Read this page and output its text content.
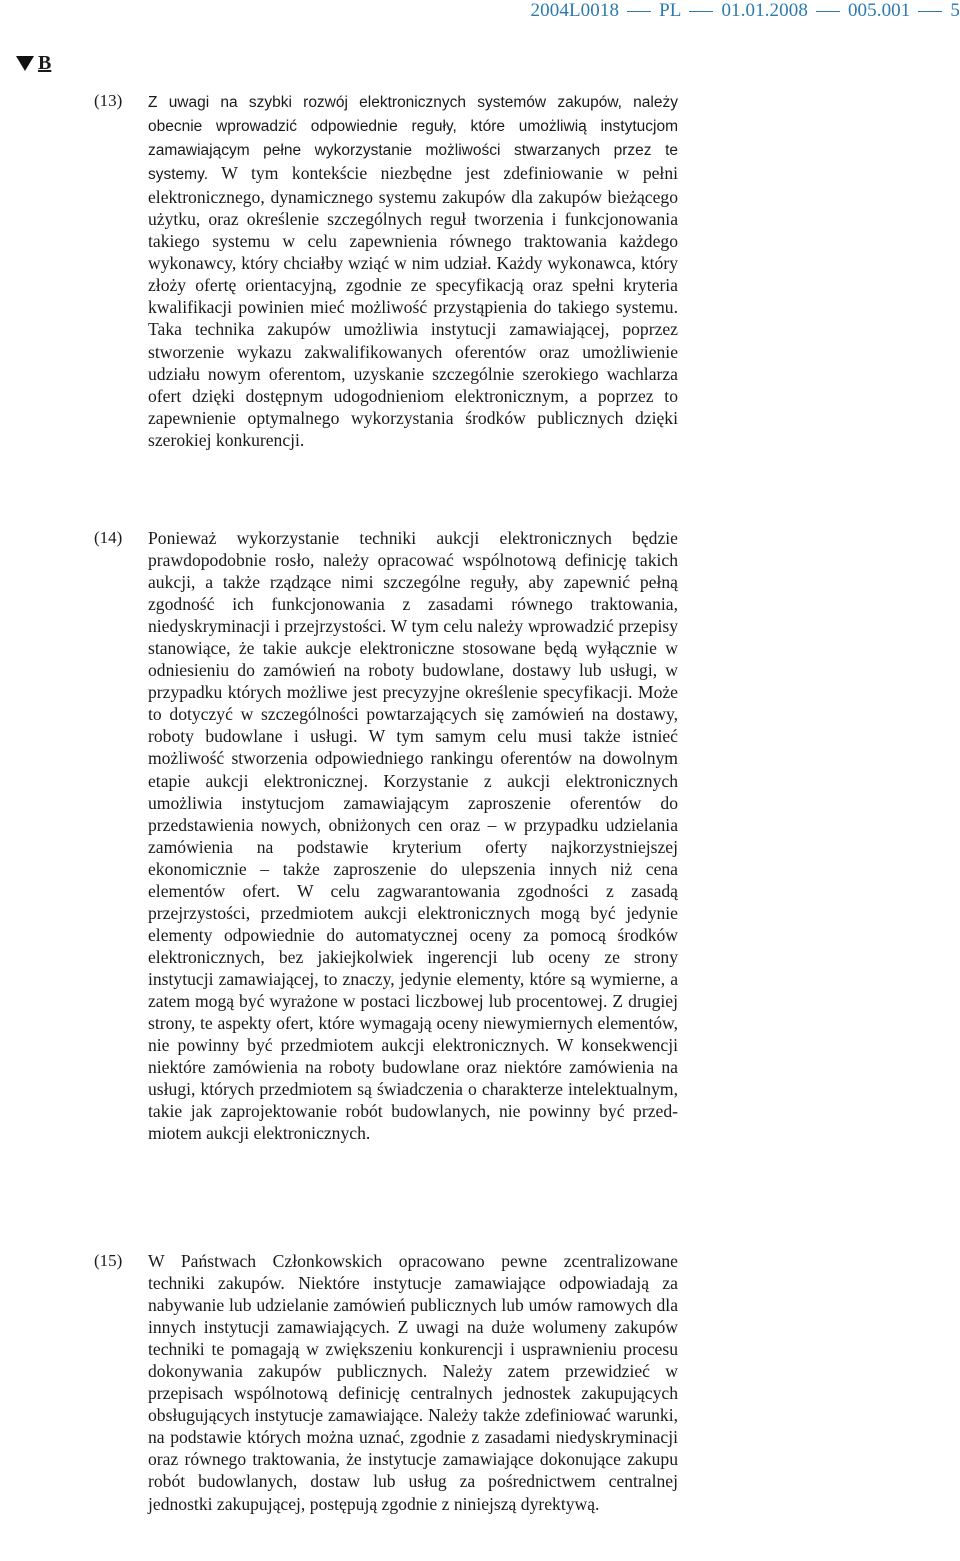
2004L0018 PL 01.01.2008 005.001 5
B
(13) Z uwagi na szybki rozwój elektronicznych systemów zakupów, należy obecnie wprowadzić odpowiednie reguły, które umożliwią instytucjom zamawiającym pełne wykorzystanie możliwości stwarzanych przez te systemy. W tym kontekście niezbędne jest zdefiniowanie w pełni elektronicznego, dynamicznego systemu zakupów dla zakupów bieżącego użytku, oraz określenie szczególnych reguł tworzenia i funkcjonowania takiego systemu w celu zapewnienia równego traktowania każdego wykonawcy, który chciałby wziąć w nim udział. Każdy wykonawca, który złoży ofertę orientacyjną, zgodnie ze specyfikacją oraz spełni kryteria kwalifikacji powinien mieć możliwość przystąpienia do takiego systemu. Taka technika zakupów umożliwia instytucji zamawiającej, poprzez stworzenie wykazu zakwalifikowanych oferentów oraz umożliwienie udziału nowym oferentom, uzyskanie szczególnie szerokiego wachlarza ofert dzięki dostępnym udogodnieniom elektronicznym, a poprzez to zapewnienie optymalnego wykorzystania środków publicznych dzięki szerokiej konkurencji.
(14) Ponieważ wykorzystanie techniki aukcji elektronicznych będzie prawdopodobnie rosło, należy opracować wspólnotową definicję takich aukcji, a także rządzące nimi szczególne reguły, aby zapewnić pełną zgodność ich funkcjonowania z zasadami równego traktowania, niedyskryminacji i przejrzystości. W tym celu należy wprowadzić przepisy stanowiące, że takie aukcje elektroniczne stosowane będą wyłącznie w odniesieniu do zamówień na roboty budowlane, dostawy lub usługi, w przypadku których możliwe jest precyzyjne określenie specyfikacji. Może to dotyczyć w szczególności powtarzających się zamówień na dostawy, roboty budowlane i usługi. W tym samym celu musi także istnieć możliwość stworzenia odpowiedniego rankingu oferentów na dowolnym etapie aukcji elektronicznej. Korzystanie z aukcji elektronicznych umożliwia instytucjom zamawiającym zaproszenie oferentów do przedstawienia nowych, obniżonych cen oraz – w przypadku udzielania zamówienia na podstawie kryterium oferty najkorzystniejszej ekonomicznie – także zaproszenie do ulepszenia innych niż cena elementów ofert. W celu zagwarantowania zgodności z zasadą przejrzystości, przedmiotem aukcji elektronicznych mogą być jedynie elementy odpowiednie do automatycznej oceny za pomocą środków elektronicznych, bez jakiejkolwiek ingerencji lub oceny ze strony instytucji zamawiającej, to znaczy, jedynie elementy, które są wymierne, a zatem mogą być wyrażone w postaci liczbowej lub procentowej. Z drugiej strony, te aspekty ofert, które wymagają oceny niewymiernych elementów, nie powinny być przedmiotem aukcji elektronicznych. W konsekwencji niektóre zamówienia na roboty budowlane oraz niektóre zamówienia na usługi, których przedmiotem są świadczenia o charakterze intelektualnym, takie jak zaprojektowanie robót budowlanych, nie powinny być przedmiotem aukcji elektronicznych.
(15) W Państwach Członkowskich opracowano pewne zcentralizowane techniki zakupów. Niektóre instytucje zamawiające odpowiadają za nabywanie lub udzielanie zamówień publicznych lub umów ramowych dla innych instytucji zamawiających. Z uwagi na duże wolumeny zakupów techniki te pomagają w zwiększeniu konkurencji i usprawnieniu procesu dokonywania zakupów publicznych. Należy zatem przewidzieć w przepisach wspólnotową definicję centralnych jednostek zakupujących obsługujących instytucje zamawiające. Należy także zdefiniować warunki, na podstawie których można uznać, zgodnie z zasadami niedyskryminacji oraz równego traktowania, że instytucje zamawiające dokonujące zakupu robót budowlanych, dostaw lub usług za pośrednictwem centralnej jednostki zakupującej, postępują zgodnie z niniejszą dyrektywą.
